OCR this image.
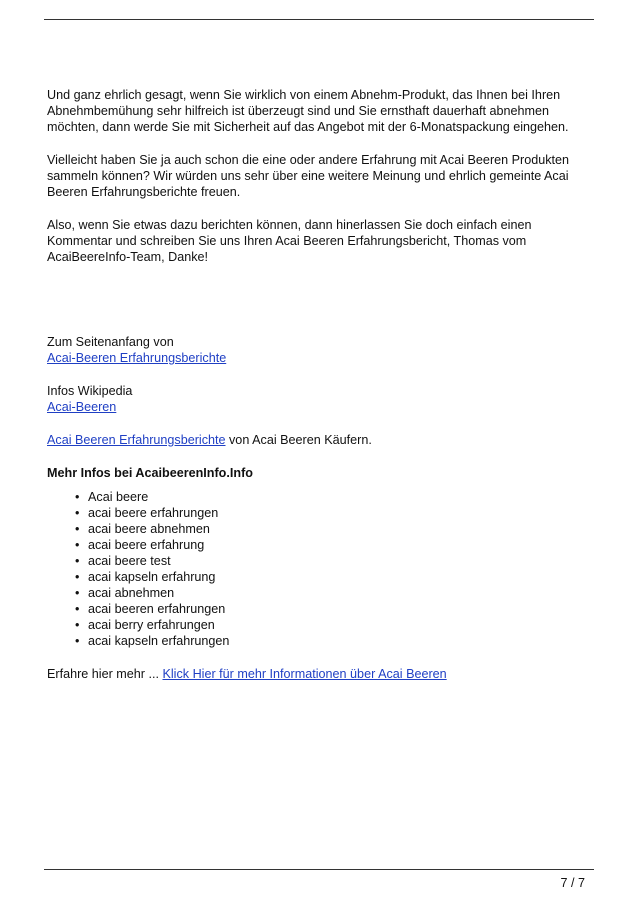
Und ganz ehrlich gesagt, wenn Sie wirklich von einem Abnehm-Produkt, das Ihnen bei Ihren Abnehmbemühung sehr hilfreich ist überzeugt sind und Sie ernsthaft dauerhaft abnehmen möchten, dann werde Sie mit Sicherheit auf das Angebot mit der 6-Monatspackung eingehen.

Vielleicht haben Sie ja auch schon die eine oder andere Erfahrung mit Acai Beeren Produkten sammeln können? Wir würden uns sehr über eine weitere Meinung und ehrlich gemeinte Acai Beeren Erfahrungsberichte freuen.

Also, wenn Sie etwas dazu berichten können, dann hinerlassen Sie doch einfach einen Kommentar und schreiben Sie uns Ihren Acai Beeren Erfahrungsbericht, Thomas vom AcaiBeereInfo-Team, Danke!

Zum Seitenanfang von
Acai-Beeren Erfahrungsberichte
Infos Wikipedia
Acai-Beeren

Acai Beeren Erfahrungsberichte von Acai Beeren Käufern.

Mehr Infos bei AcaibeerenInfo.Info

• Acai beere
• acai beere erfahrungen
• acai beere abnehmen
• acai beere erfahrung
• acai beere test
• acai kapseln erfahrung
• acai abnehmen
• acai beeren erfahrungen
• acai berry erfahrungen
• acai kapseln erfahrungen

Erfahre hier mehr ... Klick Hier für mehr Informationen über Acai Beeren

7 / 7
